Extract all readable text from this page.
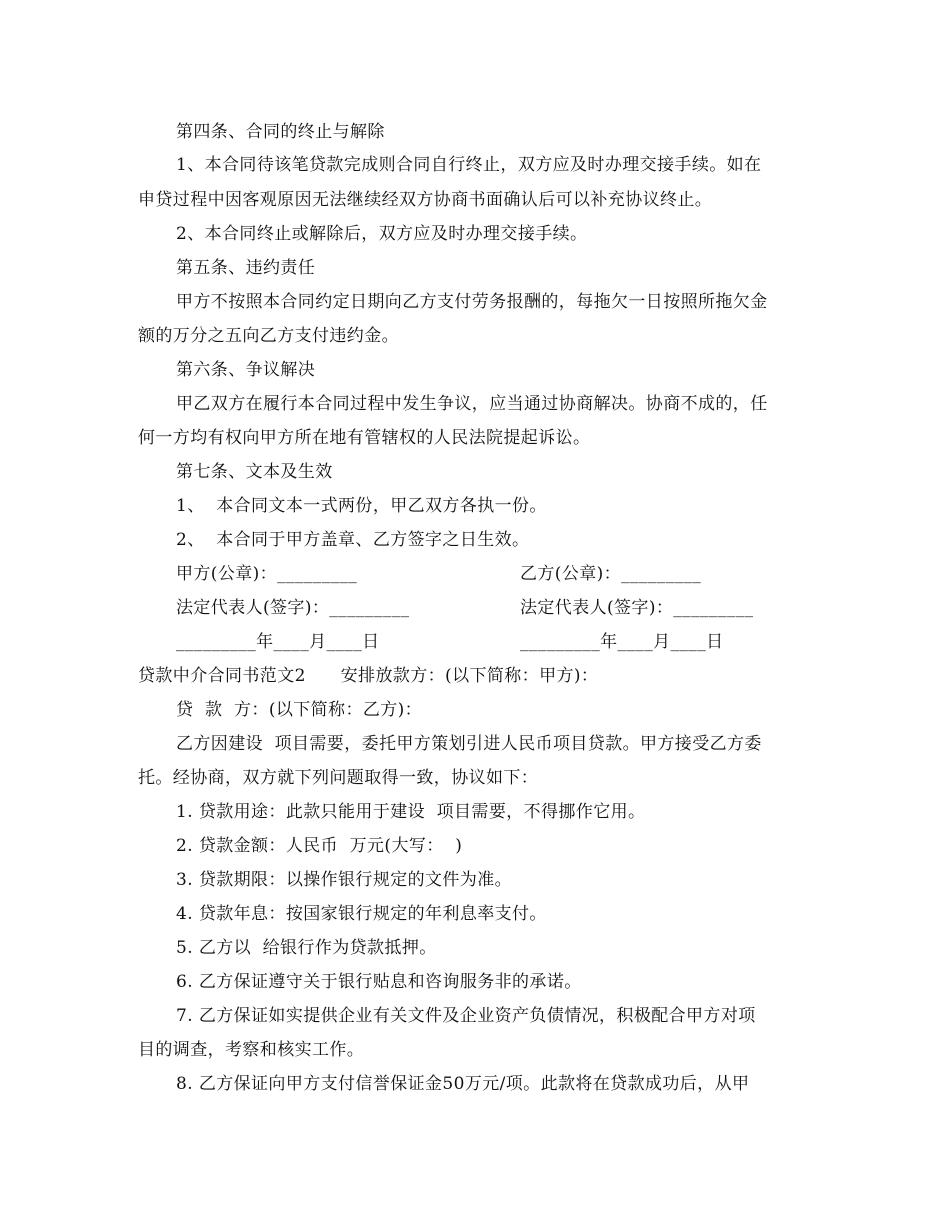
第四条、合同的终止与解除
1、本合同待该笔贷款完成则合同自行终止，双方应及时办理交接手续。如在
申贷过程中因客观原因无法继续经双方协商书面确认后可以补充协议终止。
2、本合同终止或解除后，双方应及时办理交接手续。
第五条、违约责任
甲方不按照本合同约定日期向乙方支付劳务报酬的，每拖欠一日按照所拖欠金
额的万分之五向乙方支付违约金。
第六条、争议解决
甲乙双方在履行本合同过程中发生争议，应当通过协商解决。协商不成的，任
何一方均有权向甲方所在地有管辖权的人民法院提起诉讼。
第七条、文本及生效
1、  本合同文本一式两份，甲乙双方各执一份。
2、  本合同于甲方盖章、乙方签字之日生效。
甲方(公章)：_________	乙方(公章)：_________
法定代表人(签字)：_________	法定代表人(签字)：_________
_________年____月____日	_________年____月____日
贷款中介合同书范文2      安排放款方：(以下简称：甲方)：
贷  款  方：(以下简称：乙方)：
乙方因建设  项目需要，委托甲方策划引进人民币项目贷款。甲方接受乙方委
托。经协商，双方就下列问题取得一致，协议如下：
1. 贷款用途：此款只能用于建设  项目需要，不得挪作它用。
2. 贷款金额：人民币  万元(大写：  )
3. 贷款期限：以操作银行规定的文件为准。
4. 贷款年息：按国家银行规定的年利息率支付。
5. 乙方以  给银行作为贷款抵押。
6. 乙方保证遵守关于银行贴息和咨询服务非的承诺。
7. 乙方保证如实提供企业有关文件及企业资产负债情况，积极配合甲方对项
目的调查，考察和核实工作。
8. 乙方保证向甲方支付信誉保证金50万元/项。此款将在贷款成功后，从甲
